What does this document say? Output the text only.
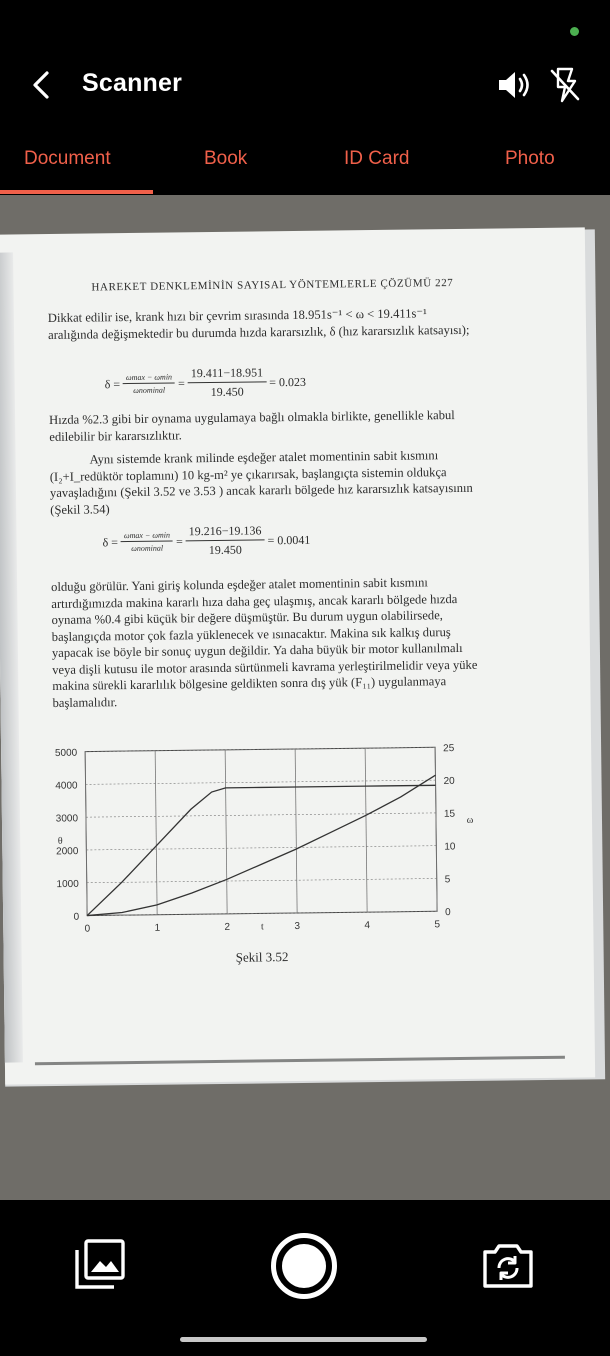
Scanner
Document	Book	ID Card	Photo
HAREKET DENKLEMİNİN SAYISAL YÖNTEMLERLE ÇÖZÜMÜ 227
Dikkat edilir ise, krank hızı bir çevrim sırasında 18.951s⁻¹ < ω < 19.411s⁻¹ aralığında değişmektedir bu durumda hızda kararsızlık, δ (hız kararsızlık katsayısı);
$\delta = \frac{\omega\max - \omega\min}{\text{ωnominal}} = \frac{19.411-18.951}{19.450} = 0.023$
Hızda %2.3 gibi bir oynama uygulamaya bağlı olmakla birlikte, genellikle kabul edilebilir bir kararsızlıktır.
Aynı sistemde krank milinde eşdeğer atalet momentinin sabit kısmını (I₂+I_redüktör toplamını) 10 kg-m² ye çıkarırsak, başlangıçta sistemin oldukça yavaşladığını (Şekil 3.52 ve 3.53 ) ancak kararlı bölgede hız kararsızlık katsayısının (Şekil 3.54)
$\delta = \frac{\omega\max - \omega\min}{\text{ωnominal}} = \frac{19.216-19.136}{19.450} = 0.0041$
olduğu görülür. Yani giriş kolunda eşdeğer atalet momentinin sabit kısmını artırdığımızda makina kararlı hıza daha geç ulaşmış, ancak kararlı bölgede hızda oynama %0.4 gibi küçük bir değere düşmüştür. Bu durum uygun olabilirsede, başlangıçda motor çok fazla yüklenecek ve ısınacaktır. Makina sık kalkış duruş yapacak ise böyle bir sonuç uygun değildir. Ya daha büyük bir motor kullanılmalı veya dişli kutusu ile motor arasında sürtünmeli kavrama yerleştirilmelidir veya yüke makina sürekli kararlılık bölgesine geldikten sonra dış yük (F₁₁) uygulanmaya başlamalıdır.
0	1	2	3	4	5
0
1000
2000
3000
4000
5000
0
5
10
15
20
25
t
θ
ω
Şekil 3.52
